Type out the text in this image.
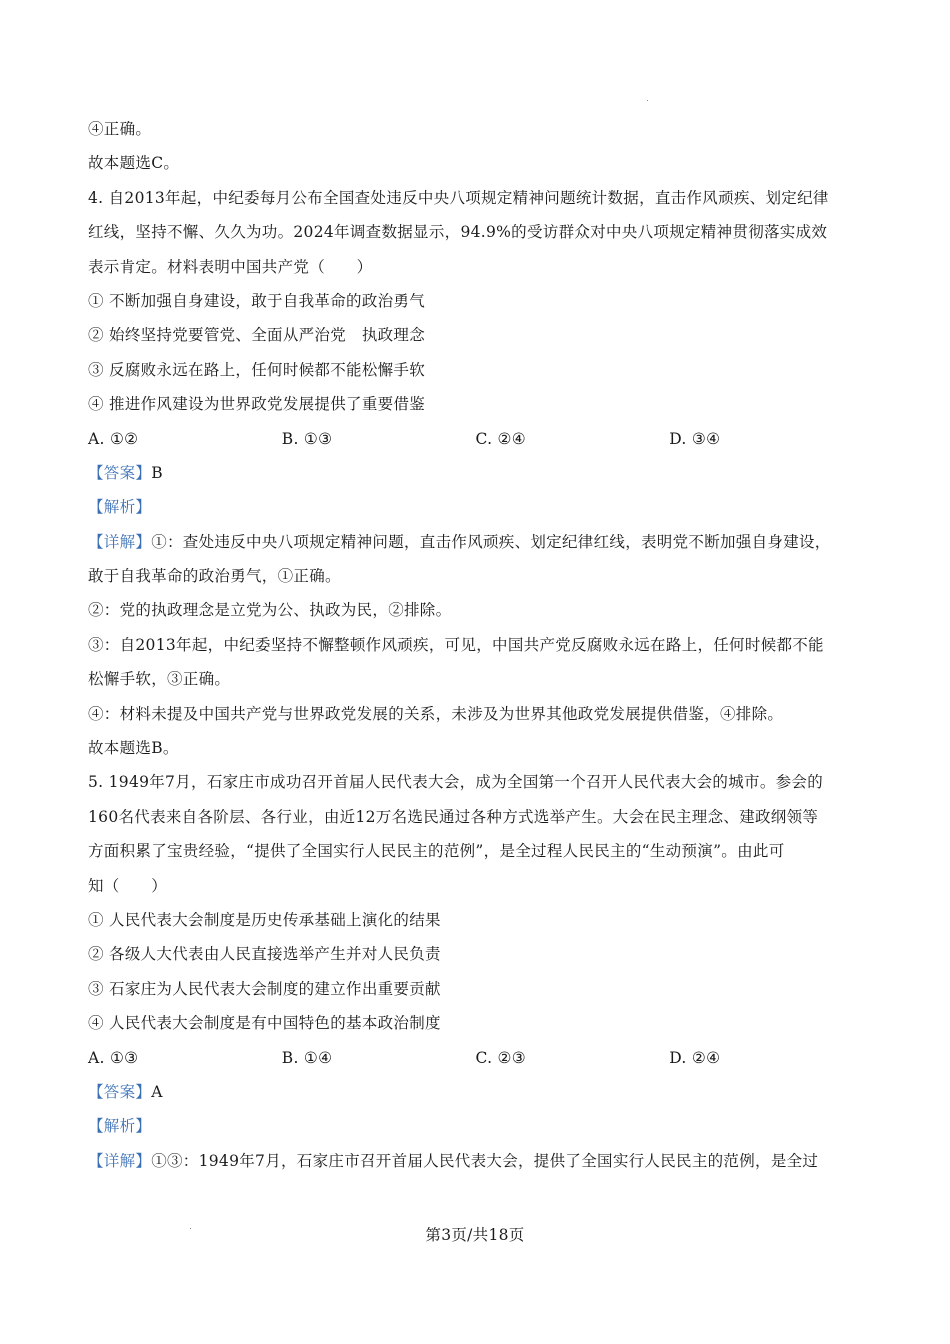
④正确。
故本题选C。
4. 自2013年起，中纪委每月公布全国查处违反中央八项规定精神问题统计数据，直击作风顽疾、划定纪律
红线，坚持不懈、久久为功。2024年调查数据显示，94.9%的受访群众对中央八项规定精神贯彻落实成效
表示肯定。材料表明中国共产党（　　）
① 不断加强自身建设，敢于自我革命的政治勇气
② 始终坚持党要管党、全面从严治党　执政理念
③ 反腐败永远在路上，任何时候都不能松懈手软
④ 推进作风建设为世界政党发展提供了重要借鉴
A. ①②	B. ①③	C. ②④	D. ③④
【答案】B
【解析】
【详解】①：查处违反中央八项规定精神问题，直击作风顽疾、划定纪律红线，表明党不断加强自身建设，
敢于自我革命的政治勇气，①正确。
②：党的执政理念是立党为公、执政为民，②排除。
③：自2013年起，中纪委坚持不懈整顿作风顽疾，可见，中国共产党反腐败永远在路上，任何时候都不能
松懈手软，③正确。
④：材料未提及中国共产党与世界政党发展的关系，未涉及为世界其他政党发展提供借鉴，④排除。
故本题选B。
5. 1949年7月，石家庄市成功召开首届人民代表大会，成为全国第一个召开人民代表大会的城市。参会的
160名代表来自各阶层、各行业，由近12万名选民通过各种方式选举产生。大会在民主理念、建政纲领等
方面积累了宝贵经验，“提供了全国实行人民民主的范例”，是全过程人民民主的“生动预演”。由此可
知（　　）
① 人民代表大会制度是历史传承基础上演化的结果
② 各级人大代表由人民直接选举产生并对人民负责
③ 石家庄为人民代表大会制度的建立作出重要贡献
④ 人民代表大会制度是有中国特色的基本政治制度
A. ①③	B. ①④	C. ②③	D. ②④
【答案】A
【解析】
【详解】①③：1949年7月，石家庄市召开首届人民代表大会，提供了全国实行人民民主的范例，是全过
第3页/共18页
